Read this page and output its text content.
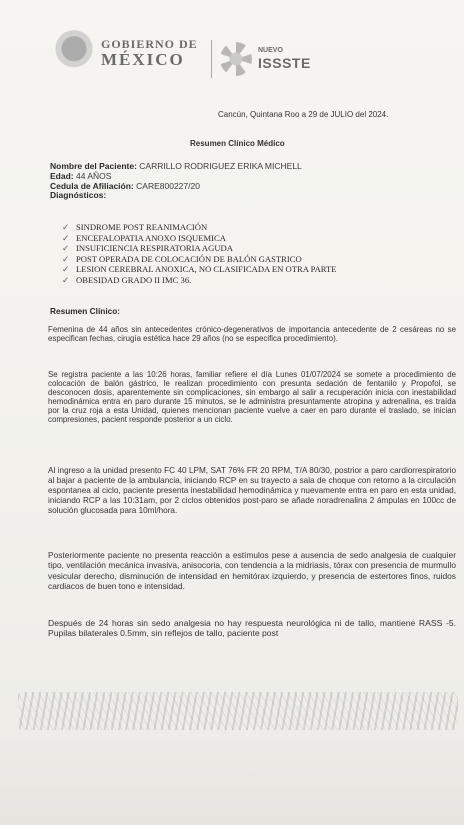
GOBIERNO DE
MÉXICO	NUEVO
ISSSTE
Cancún, Quintana Roo a 29 de JULIO del 2024.
Resumen Clínico Médico
Nombre del Paciente: CARRILLO RODRIGUEZ ERIKA MICHELL
Edad: 44 AÑOS
Cedula de Afiliación: CARE800227/20
Diagnósticos:
✓ SINDROME POST REANIMACIÓN
✓ ENCEFALOPATIA ANOXO ISQUEMICA
✓ INSUFICIENCIA RESPIRATORIA AGUDA
✓ POST OPERADA DE COLOCACIÓN DE BALÓN GASTRICO
✓ LESION CEREBRAL ANOXICA, NO CLASIFICADA EN OTRA PARTE
✓ OBESIDAD GRADO II IMC 36.
Resumen Clínico:
Femenina de 44 años sin antecedentes crónico-degenerativos de importancia antecedente de 2 cesáreas no se especifican fechas, cirugía estética hace 29 años (no se especifica procedimiento).
Se registra paciente a las 10:26 horas, familiar refiere el día Lunes 01/07/2024 se somete a procedimiento de colocación de balón gástrico, le realizan procedimiento con presunta sedación de fentanilo y Propofol, se desconocen dosis, aparentemente sin complicaciones, sin embargo al salir a recuperación inicia con inestabilidad hemodinámica entra en paro durante 15 minutos, se le administra presuntamente atropina y adrenalina, es traída por la cruz roja a esta Unidad, quienes mencionan paciente vuelve a caer en paro durante el traslado, se inician compresiones, pacient responde posterior a un ciclo.
Al ingreso a la unidad presento FC 40 LPM, SAT 76% FR 20 RPM, T/A 80/30, postrior a paro cardiorrespiratorio al bajar a paciente de la ambulancia, iniciando RCP en su trayecto a sala de choque con retorno a la circulación espontanea al ciclo, paciente presenta inestabilidad hemodinámica y nuevamente entra en paro en esta unidad, iniciando RCP a las 10:31am, por 2 ciclos obtenidos post-paro se añade noradrenalina 2 ámpulas en 100cc de solución glucosada para 10ml/hora.
Posteriormente paciente no presenta reacción a estímulos pese a ausencia de sedo analgesia de cualquier tipo, ventilación mecánica invasiva, anisocoria, con tendencia a la midriasis, tórax con presencia de murmullo vesicular derecho, disminución de intensidad en hemitórax izquierdo, y presencia de estertores finos, ruidos cardiacos de buen tono e intensidad.
Después de 24 horas sin sedo analgesia no hay respuesta neurológica ni de tallo, mantiene RASS -5. Pupilas bilaterales 0.5mm, sin reflejos de tallo, paciente post
